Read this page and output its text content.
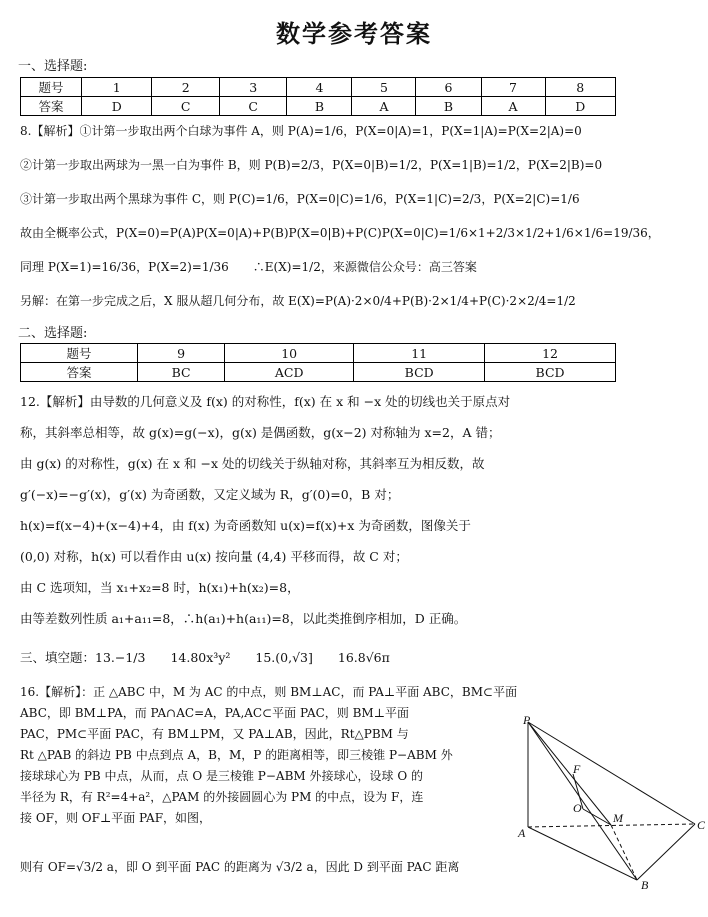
数学参考答案
一、选择题:
题号	1	2	3	4	5	6	7	8
答案	D	C	C	B	A	B	A	D
8.【解析】①计第一步取出两个白球为事件 A，则 P(A)=1/6，P(X=0|A)=1，P(X=1|A)=P(X=2|A)=0
②计第一步取出两球为一黑一白为事件 B，则 P(B)=2/3，P(X=0|B)=1/2，P(X=1|B)=1/2，P(X=2|B)=0
③计第一步取出两个黑球为事件 C，则 P(C)=1/6，P(X=0|C)=1/6，P(X=1|C)=2/3，P(X=2|C)=1/6
故由全概率公式，P(X=0)=P(A)P(X=0|A)+P(B)P(X=0|B)+P(C)P(X=0|C)=1/6×1+2/3×1/2+1/6×1/6=19/36，
同理 P(X=1)=16/36，P(X=2)=1/36　　∴E(X)=1/2，来源微信公众号：高三答案
另解：在第一步完成之后，X 服从超几何分布，故 E(X)=P(A)·2×0/4+P(B)·2×1/4+P(C)·2×2/4=1/2
二、选择题:
题号	9	10	11	12
答案	BC	ACD	BCD	BCD
12.【解析】由导数的几何意义及 f(x) 的对称性，f(x) 在 x 和 −x 处的切线也关于原点对
称，其斜率总相等，故 g(x)=g(−x)，g(x) 是偶函数，g(x−2) 对称轴为 x=2，A 错；
由 g(x) 的对称性，g(x) 在 x 和 −x 处的切线关于纵轴对称，其斜率互为相反数，故
g′(−x)=−g′(x)，g′(x) 为奇函数，又定义域为 R，g′(0)=0，B 对；
h(x)=f(x−4)+(x−4)+4，由 f(x) 为奇函数知 u(x)=f(x)+x 为奇函数，图像关于
(0,0) 对称，h(x) 可以看作由 u(x) 按向量 (4,4) 平移而得，故 C 对；
由 C 选项知，当 x₁+x₂=8 时，h(x₁)+h(x₂)=8，
由等差数列性质 a₁+a₁₁=8，∴h(a₁)+h(a₁₁)=8，以此类推倒序相加，D 正确。
三、填空题：13.−1/3　　14.80x³y²　　15.(0,√3]　　16.8√6π
16.【解析】：正 △ABC 中，M 为 AC 的中点，则 BM⊥AC，而 PA⊥平面 ABC，BM⊂平面
ABC，即 BM⊥PA，而 PA∩AC=A，PA,AC⊂平面 PAC，则 BM⊥平面
PAC，PM⊂平面 PAC，有 BM⊥PM，又 PA⊥AB，因此，Rt△PBM 与
Rt △PAB 的斜边 PB 中点到点 A，B，M，P 的距离相等，即三棱锥 P−ABM 外
接球球心为 PB 中点，从而，点 O 是三棱锥 P−ABM 外接球心，设球 O 的
半径为 R，有 R²=4+a²，△PAM 的外接圆圆心为 PM 的中点，设为 F，连
接 OF，则 OF⊥平面 PAF，如图，
则有 OF=√3/2 a，即 O 到平面 PAC 的距离为 √3/2 a，因此 D 到平面 PAC 距离
P
A
B
C
M
O
F
